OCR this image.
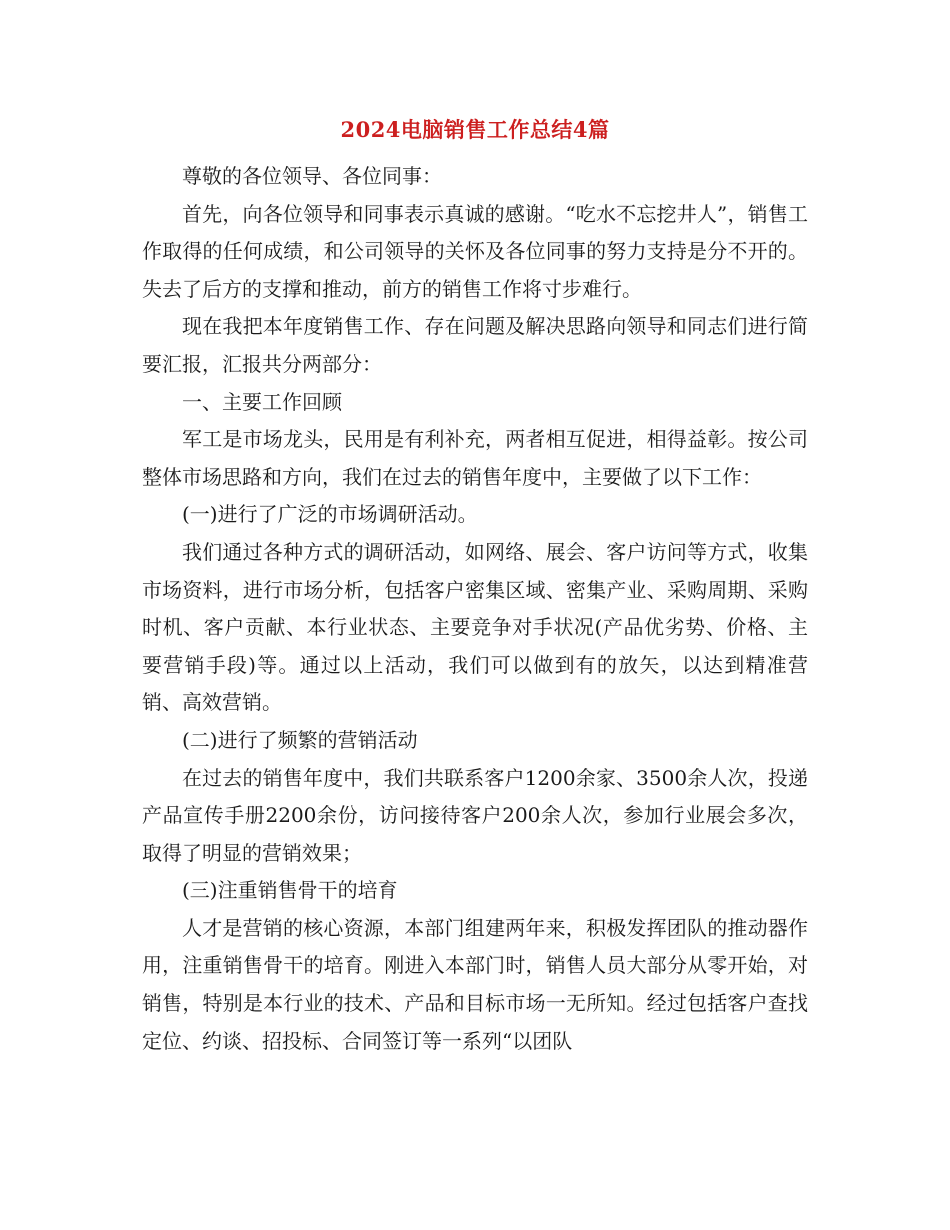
2024电脑销售工作总结4篇

尊敬的各位领导、各位同事：

首先，向各位领导和同事表示真诚的感谢。“吃水不忘挖井人”，销售工作取得的任何成绩，和公司领导的关怀及各位同事的努力支持是分不开的。失去了后方的支撑和推动，前方的销售工作将寸步难行。

现在我把本年度销售工作、存在问题及解决思路向领导和同志们进行简要汇报，汇报共分两部分：

一、主要工作回顾

军工是市场龙头，民用是有利补充，两者相互促进，相得益彰。按公司整体市场思路和方向，我们在过去的销售年度中，主要做了以下工作：

(一)进行了广泛的市场调研活动。

我们通过各种方式的调研活动，如网络、展会、客户访问等方式，收集市场资料，进行市场分析，包括客户密集区域、密集产业、采购周期、采购时机、客户贡献、本行业状态、主要竞争对手状况(产品优劣势、价格、主要营销手段)等。通过以上活动，我们可以做到有的放矢，以达到精准营销、高效营销。

(二)进行了频繁的营销活动

在过去的销售年度中，我们共联系客户1200余家、3500余人次，投递产品宣传手册2200余份，访问接待客户200余人次，参加行业展会多次，取得了明显的营销效果；

(三)注重销售骨干的培育

人才是营销的核心资源，本部门组建两年来，积极发挥团队的推动器作用，注重销售骨干的培育。刚进入本部门时，销售人员大部分从零开始，对销售，特别是本行业的技术、产品和目标市场一无所知。经过包括客户查找定位、约谈、招投标、合同签订等一系列“以团队
